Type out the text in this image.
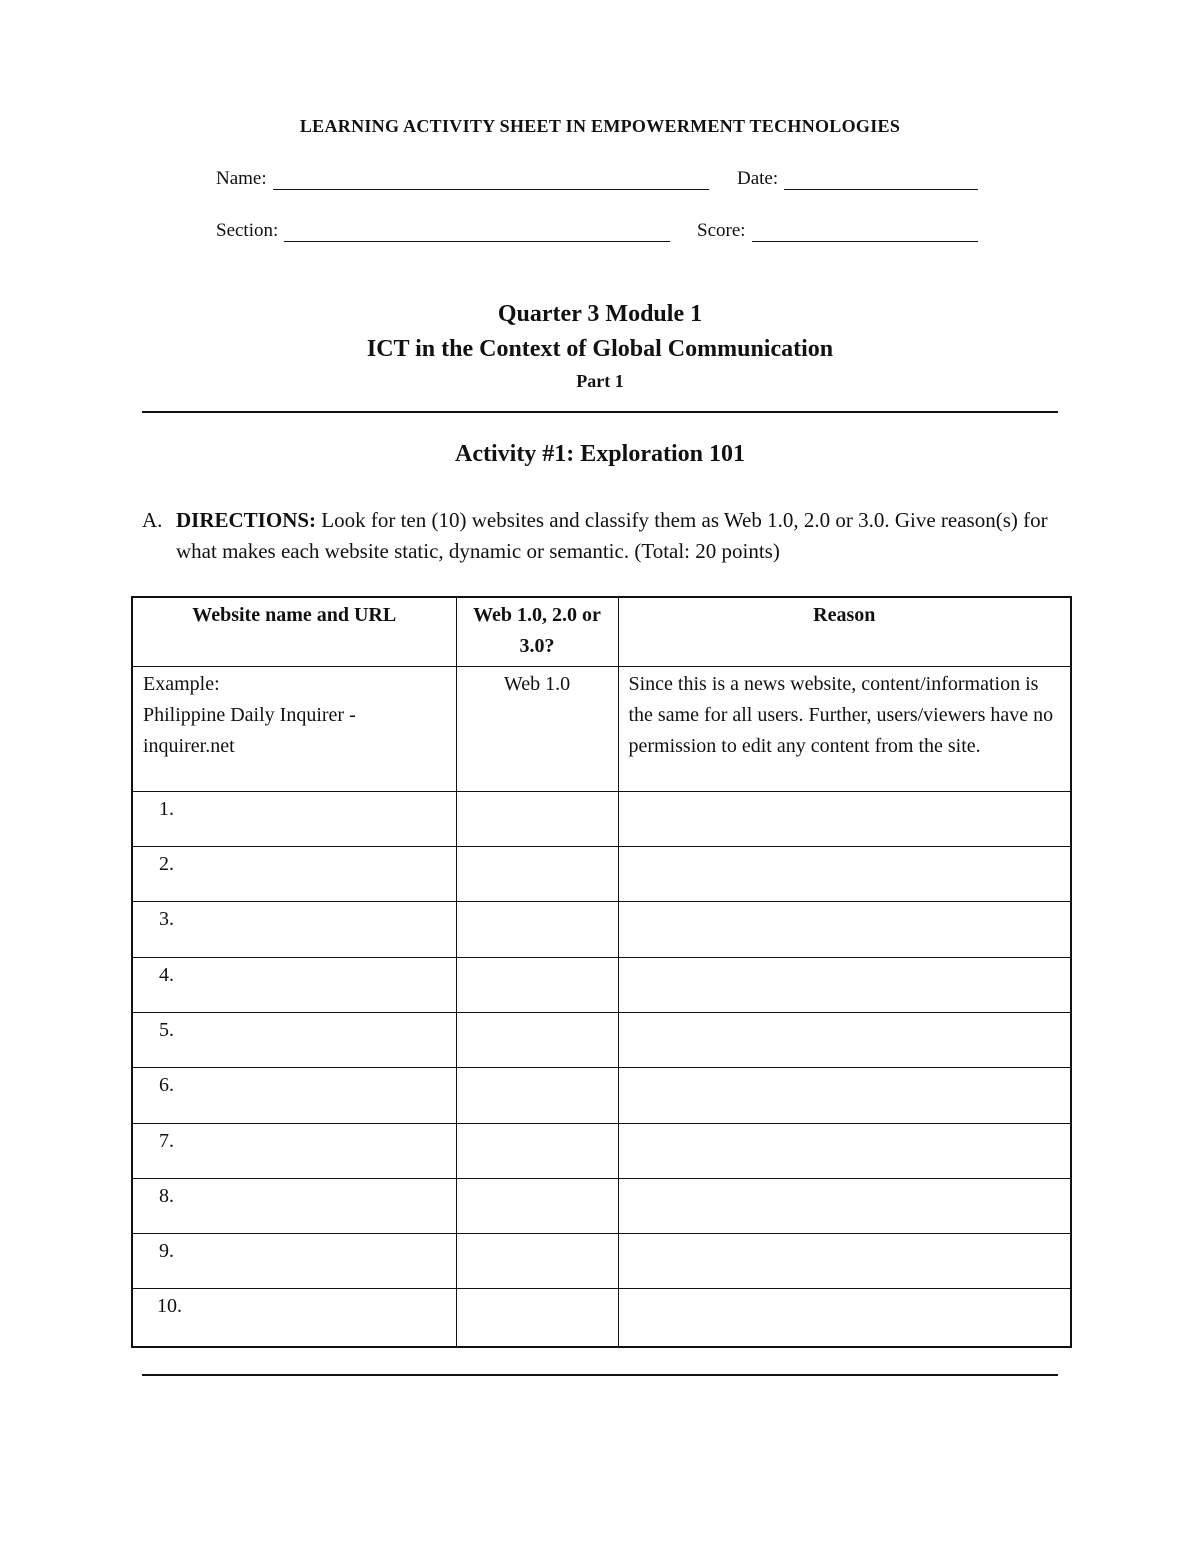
LEARNING ACTIVITY SHEET IN EMPOWERMENT TECHNOLOGIES
Name:	Date:
Section:	Score:
Quarter 3 Module 1
ICT in the Context of Global Communication
Part 1
Activity #1: Exploration 101
A. DIRECTIONS: Look for ten (10) websites and classify them as Web 1.0, 2.0 or 3.0. Give reason(s) for what makes each website static, dynamic or semantic. (Total: 20 points)
Website name and URL	Web 1.0, 2.0 or 3.0?	Reason

Example:
Philippine Daily Inquirer - inquirer.net	Web 1.0	Since this is a news website, content/information is the same for all users. Further, users/viewers have no permission to edit any content from the site.
1.		
2.		
3.		
4.		
5.		
6.		
7.		
8.		
9.		
10.		
